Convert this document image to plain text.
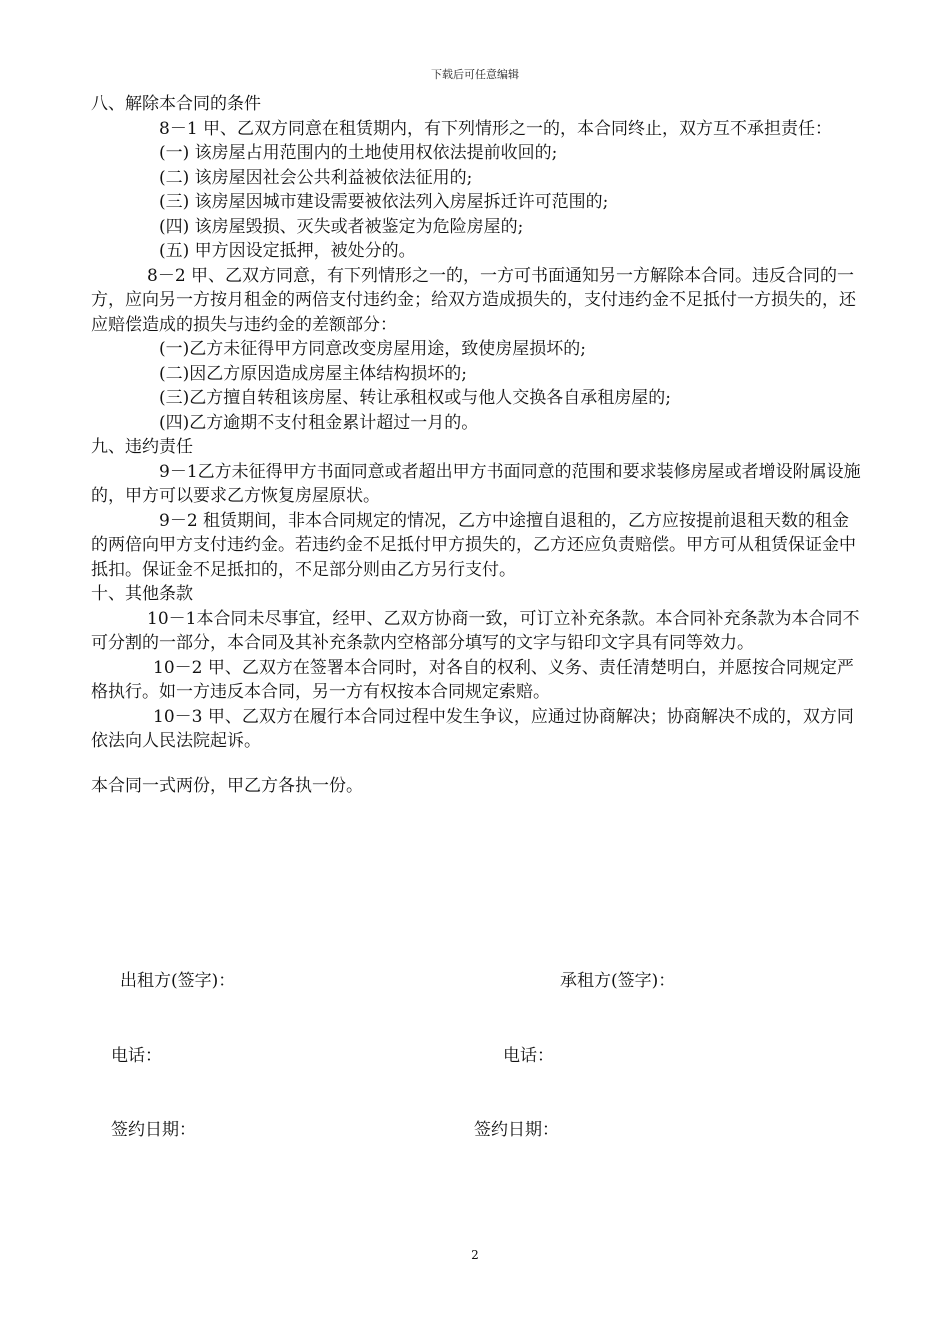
下载后可任意编辑

八、解除本合同的条件

8－1 甲、乙双方同意在租赁期内，有下列情形之一的，本合同终止，双方互不承担责任：

(一) 该房屋占用范围内的土地使用权依法提前收回的;

(二) 该房屋因社会公共利益被依法征用的;

(三) 该房屋因城市建设需要被依法列入房屋拆迁许可范围的;

(四) 该房屋毁损、灭失或者被鉴定为危险房屋的;

(五) 甲方因设定抵押，被处分的。

8－2 甲、乙双方同意，有下列情形之一的，一方可书面通知另一方解除本合同。违反合同的一方，应向另一方按月租金的两倍支付违约金；给双方造成损失的，支付违约金不足抵付一方损失的，还应赔偿造成的损失与违约金的差额部分：

(一)乙方未征得甲方同意改变房屋用途，致使房屋损坏的;

(二)因乙方原因造成房屋主体结构损坏的;

(三)乙方擅自转租该房屋、转让承租权或与他人交换各自承租房屋的;

(四)乙方逾期不支付租金累计超过一月的。

九、违约责任

9－1乙方未征得甲方书面同意或者超出甲方书面同意的范围和要求装修房屋或者增设附属设施的，甲方可以要求乙方恢复房屋原状。

9－2 租赁期间，非本合同规定的情况，乙方中途擅自退租的，乙方应按提前退租天数的租金的两倍向甲方支付违约金。若违约金不足抵付甲方损失的，乙方还应负责赔偿。甲方可从租赁保证金中抵扣。保证金不足抵扣的，不足部分则由乙方另行支付。

十、其他条款

10－1本合同未尽事宜，经甲、乙双方协商一致，可订立补充条款。本合同补充条款为本合同不可分割的一部分，本合同及其补充条款内空格部分填写的文字与铅印文字具有同等效力。

10－2 甲、乙双方在签署本合同时，对各自的权利、义务、责任清楚明白，并愿按合同规定严格执行。如一方违反本合同，另一方有权按本合同规定索赔。

10－3 甲、乙双方在履行本合同过程中发生争议，应通过协商解决；协商解决不成的，双方同依法向人民法院起诉。

本合同一式两份，甲乙方各执一份。

出租方(签字)：	承租方(签字)：
电话：	电话：
签约日期：	签约日期：
2
